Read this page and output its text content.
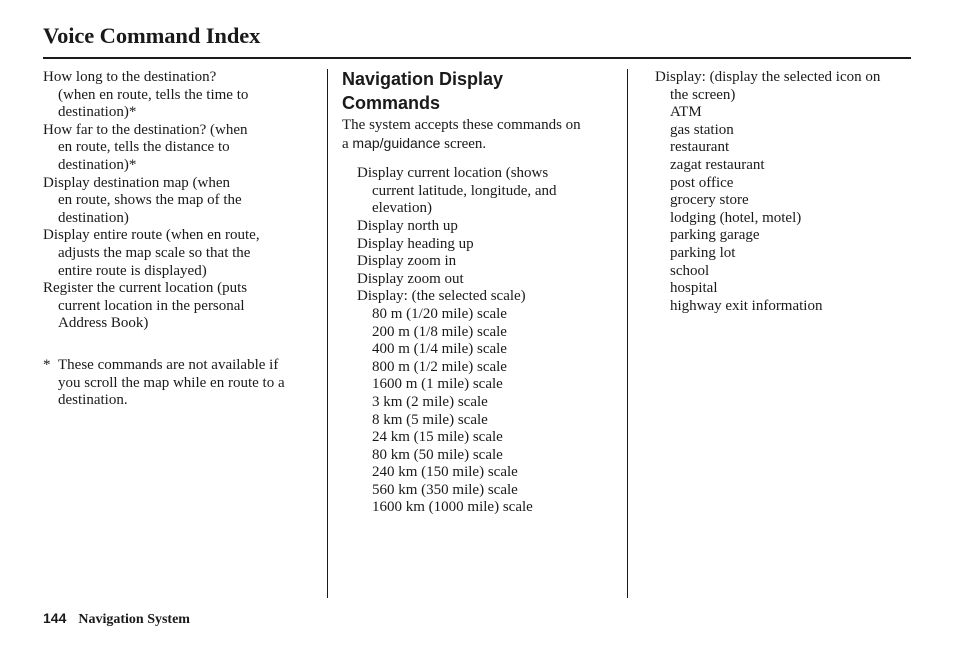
Voice Command Index
How long to the destination?
(when en route, tells the time to
destination)*
How far to the destination? (when
en route, tells the distance to
destination)*
Display destination map (when
en route, shows the map of the
destination)
Display entire route (when en route,
adjusts the map scale so that the
entire route is displayed)
Register the current location (puts
current location in the personal
Address Book)
* These commands are not available if
you scroll the map while en route to a
destination.
Navigation Display
Commands
The system accepts these commands on
a map/guidance screen.
Display current location (shows
current latitude, longitude, and
elevation)
Display north up
Display heading up
Display zoom in
Display zoom out
Display: (the selected scale)
80 m (1/20 mile) scale
200 m (1/8 mile) scale
400 m (1/4 mile) scale
800 m (1/2 mile) scale
1600 m (1 mile) scale
3 km (2 mile) scale
8 km (5 mile) scale
24 km (15 mile) scale
80 km (50 mile) scale
240 km (150 mile) scale
560 km (350 mile) scale
1600 km (1000 mile) scale
Display: (display the selected icon on
the screen)
ATM
gas station
restaurant
zagat restaurant
post office
grocery store
lodging (hotel, motel)
parking garage
parking lot
school
hospital
highway exit information
144 Navigation System
